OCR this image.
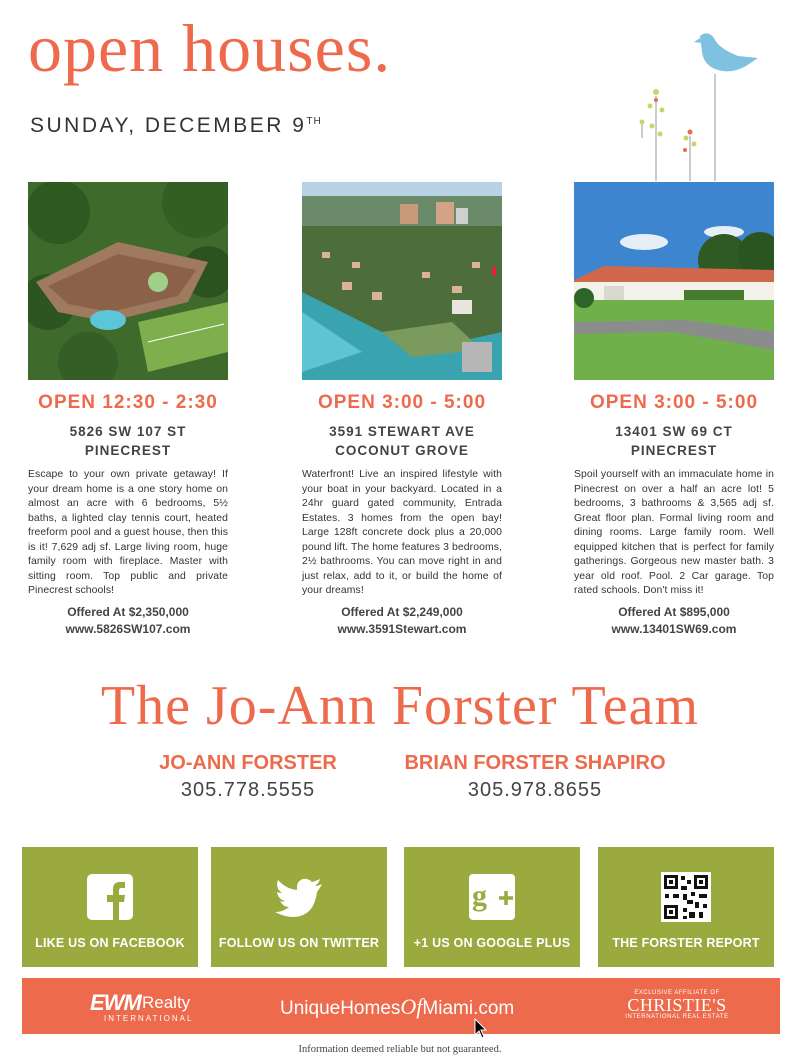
open houses.
SUNDAY, DECEMBER 9TH
OPEN 12:30 - 2:30
5826 SW 107 ST
PINECREST
Escape to your own private getaway! If your dream home is a one story home on almost an acre with 6 bedrooms, 5½ baths, a lighted clay tennis court, heated freeform pool and a guest house, then this is it! 7,629 adj sf. Large living room, huge family room with fireplace. Master with sitting room. Top public and private Pinecrest schools!
Offered At $2,350,000
www.5826SW107.com
OPEN 3:00 - 5:00
3591 STEWART AVE
COCONUT GROVE
Waterfront! Live an inspired lifestyle with your boat in your backyard. Located in a 24hr guard gated community, Entrada Estates. 3 homes from the open bay! Large 128ft concrete dock plus a 20,000 pound lift. The home features 3 bedrooms, 2½ bathrooms. You can move right in and just relax, add to it, or build the home of your dreams!
Offered At $2,249,000
www.3591Stewart.com
OPEN 3:00 - 5:00
13401 SW 69 CT
PINECREST
Spoil yourself with an immaculate home in Pinecrest on over a half an acre lot! 5 bedrooms, 3 bathrooms & 3,565 adj sf. Great floor plan. Formal living room and dining rooms. Large family room. Well equipped kitchen that is perfect for family gatherings. Gorgeous new master bath. 3 year old roof. Pool. 2 Car garage. Top rated schools. Don't miss it!
Offered At $895,000
www.13401SW69.com
The Jo-Ann Forster Team
JO-ANN FORSTER
305.778.5555
BRIAN FORSTER SHAPIRO
305.978.8655
LIKE US ON FACEBOOK	FOLLOW US ON TWITTER
g
+1 US ON GOOGLE PLUS	THE FORSTER REPORT
EWM Realty
INTERNATIONAL	UniqueHomesOfMiami.com
EXCLUSIVE AFFILIATE OF
CHRISTIE'S
INTERNATIONAL REAL ESTATE
Information deemed reliable but not guaranteed.
